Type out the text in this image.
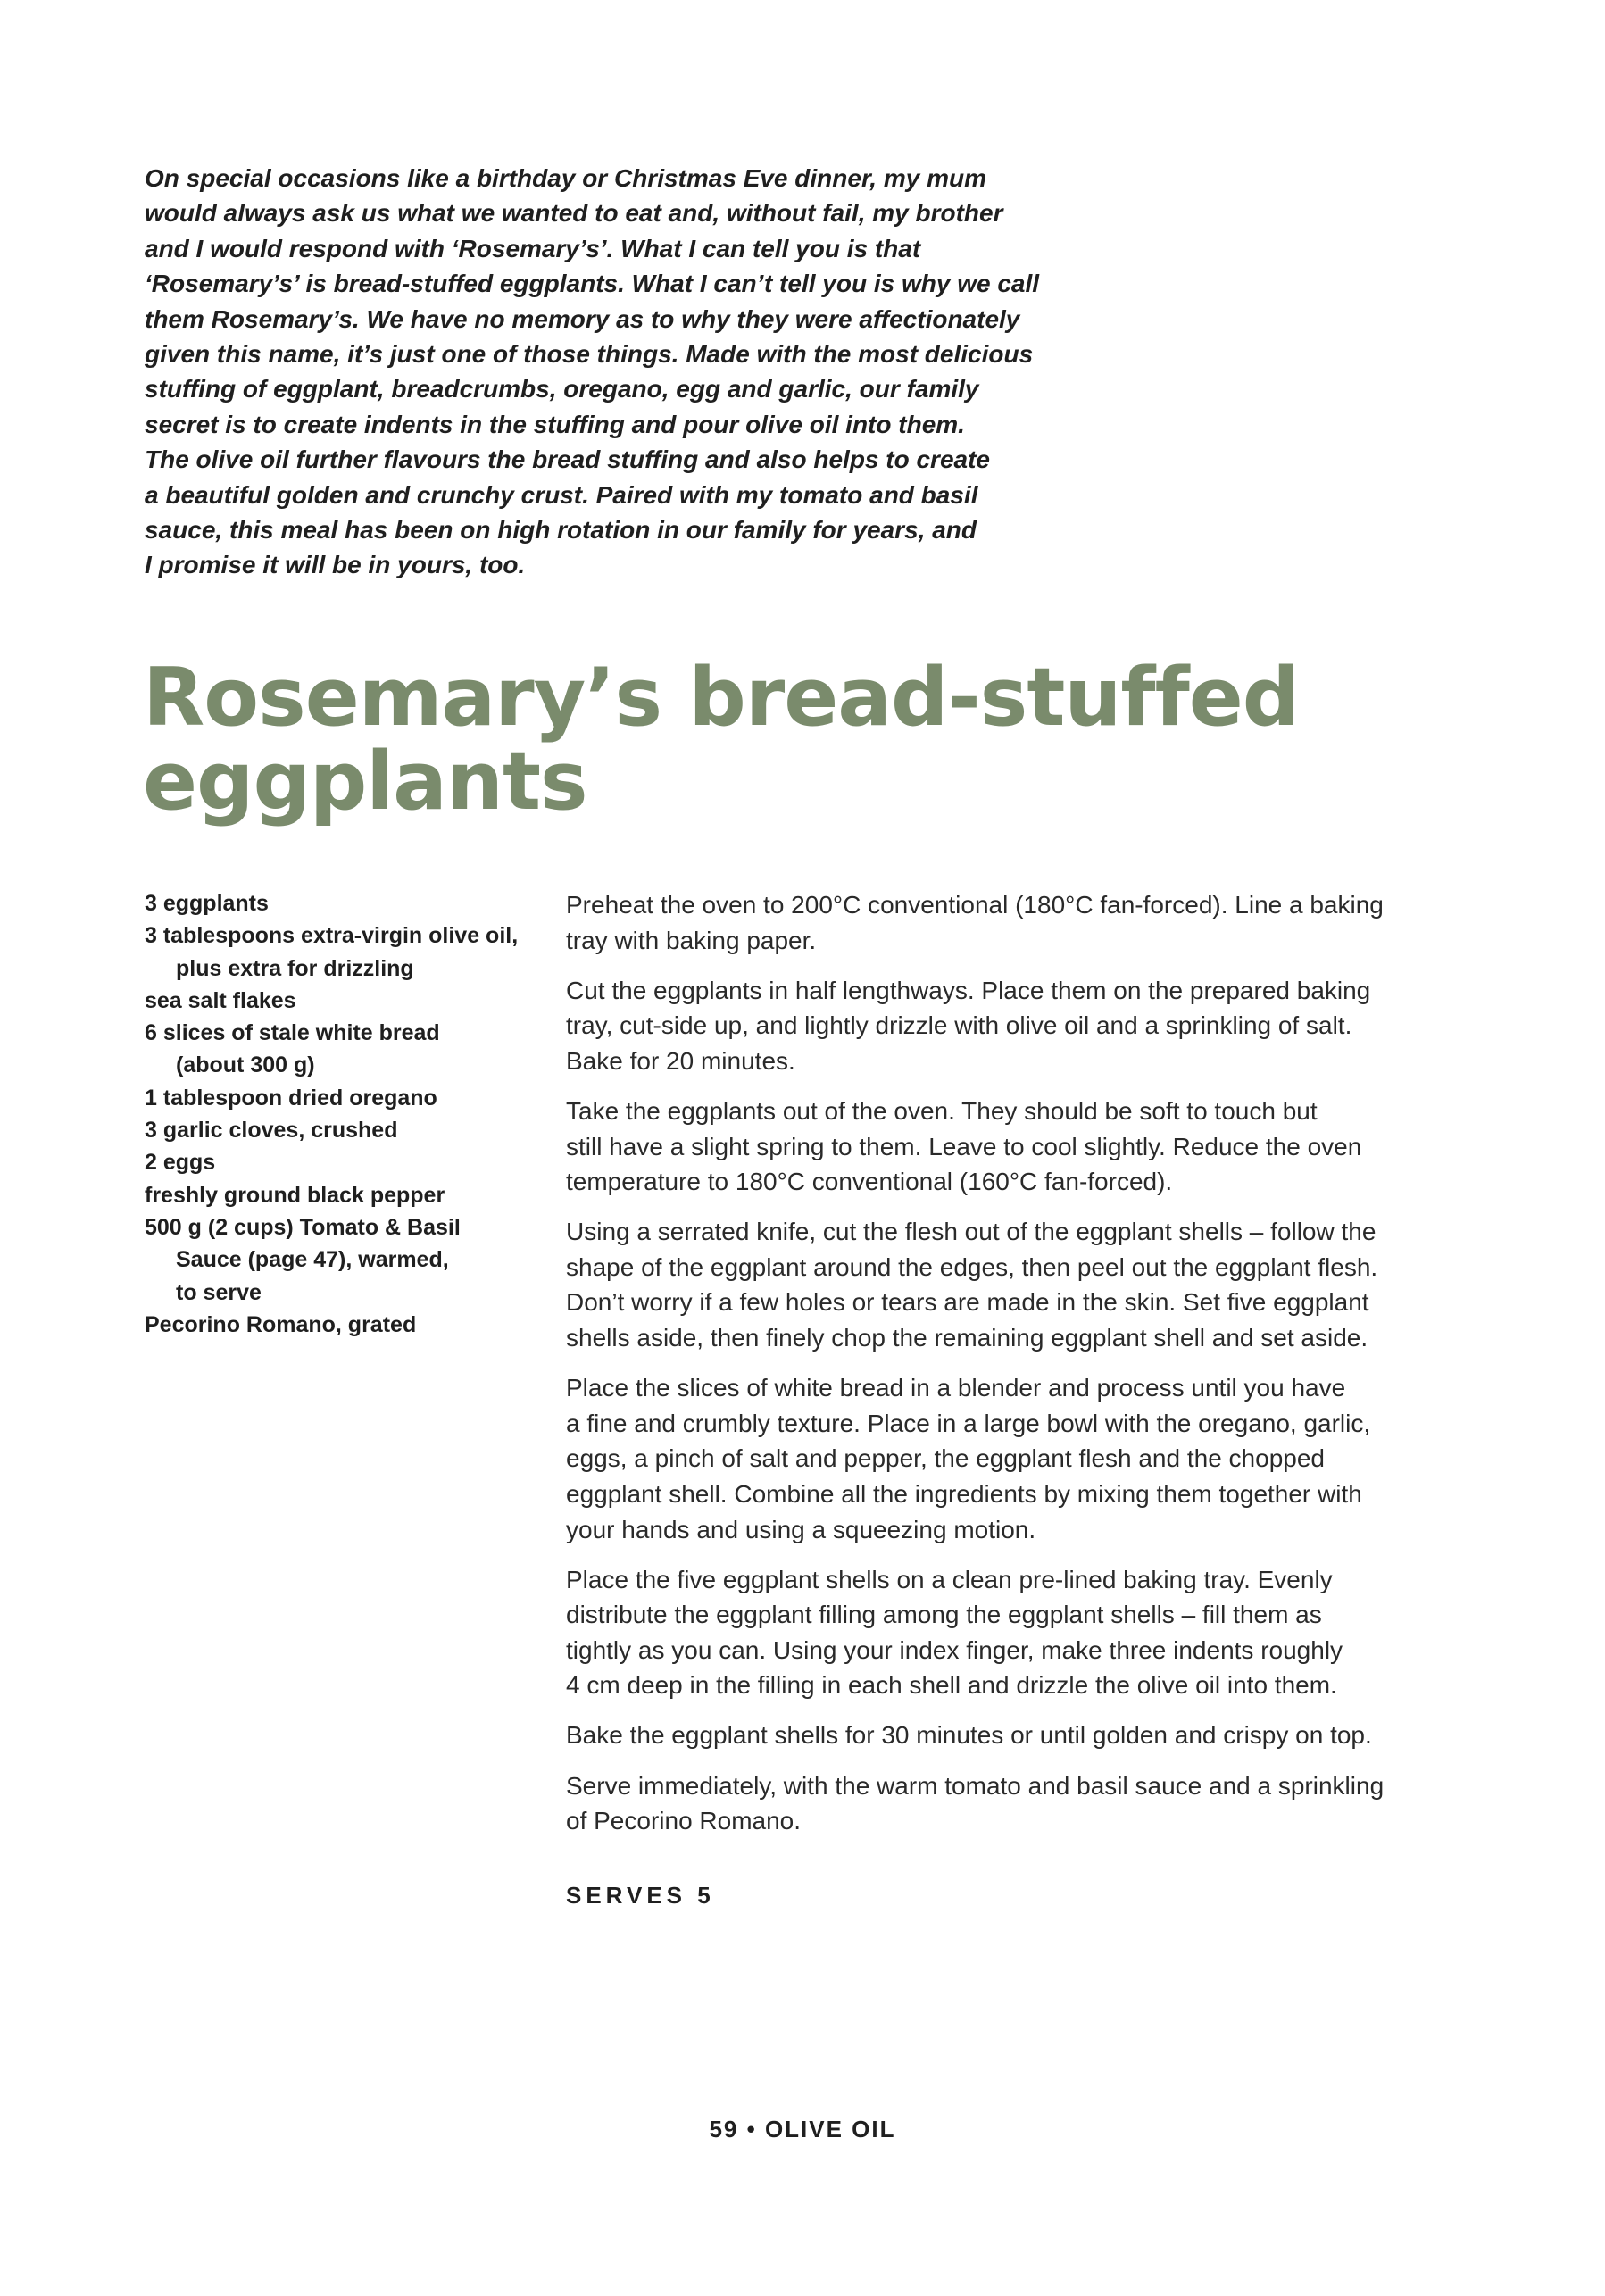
On special occasions like a birthday or Christmas Eve dinner, my mum
would always ask us what we wanted to eat and, without fail, my brother
and I would respond with ‘Rosemary’s’. What I can tell you is that
‘Rosemary’s’ is bread-stuffed eggplants. What I can’t tell you is why we call
them Rosemary’s. We have no memory as to why they were affectionately
given this name, it’s just one of those things. Made with the most delicious
stuffing of eggplant, breadcrumbs, oregano, egg and garlic, our family
secret is to create indents in the stuffing and pour olive oil into them.
The olive oil further flavours the bread stuffing and also helps to create
a beautiful golden and crunchy crust. Paired with my tomato and basil
sauce, this meal has been on high rotation in our family for years, and
I promise it will be in yours, too.
Rosemary’s bread-stuffed
eggplants
3 eggplants
3 tablespoons extra-virgin olive oil,
plus extra for drizzling
sea salt flakes
6 slices of stale white bread
(about 300 g)
1 tablespoon dried oregano
3 garlic cloves, crushed
2 eggs
freshly ground black pepper
500 g (2 cups) Tomato & Basil
Sauce (page 47), warmed,
to serve
Pecorino Romano, grated

Preheat the oven to 200°C conventional (180°C fan-forced). Line a baking
tray with baking paper.

Cut the eggplants in half lengthways. Place them on the prepared baking
tray, cut-side up, and lightly drizzle with olive oil and a sprinkling of salt.
Bake for 20 minutes.

Take the eggplants out of the oven. They should be soft to touch but
still have a slight spring to them. Leave to cool slightly. Reduce the oven
temperature to 180°C conventional (160°C fan-forced).

Using a serrated knife, cut the flesh out of the eggplant shells – follow the
shape of the eggplant around the edges, then peel out the eggplant flesh.
Don’t worry if a few holes or tears are made in the skin. Set five eggplant
shells aside, then finely chop the remaining eggplant shell and set aside.

Place the slices of white bread in a blender and process until you have
a fine and crumbly texture. Place in a large bowl with the oregano, garlic,
eggs, a pinch of salt and pepper, the eggplant flesh and the chopped
eggplant shell. Combine all the ingredients by mixing them together with
your hands and using a squeezing motion.

Place the five eggplant shells on a clean pre-lined baking tray. Evenly
distribute the eggplant filling among the eggplant shells – fill them as
tightly as you can. Using your index finger, make three indents roughly
4 cm deep in the filling in each shell and drizzle the olive oil into them.

Bake the eggplant shells for 30 minutes or until golden and crispy on top.

Serve immediately, with the warm tomato and basil sauce and a sprinkling
of Pecorino Romano.

SERVES 5
59 • OLIVE OIL
